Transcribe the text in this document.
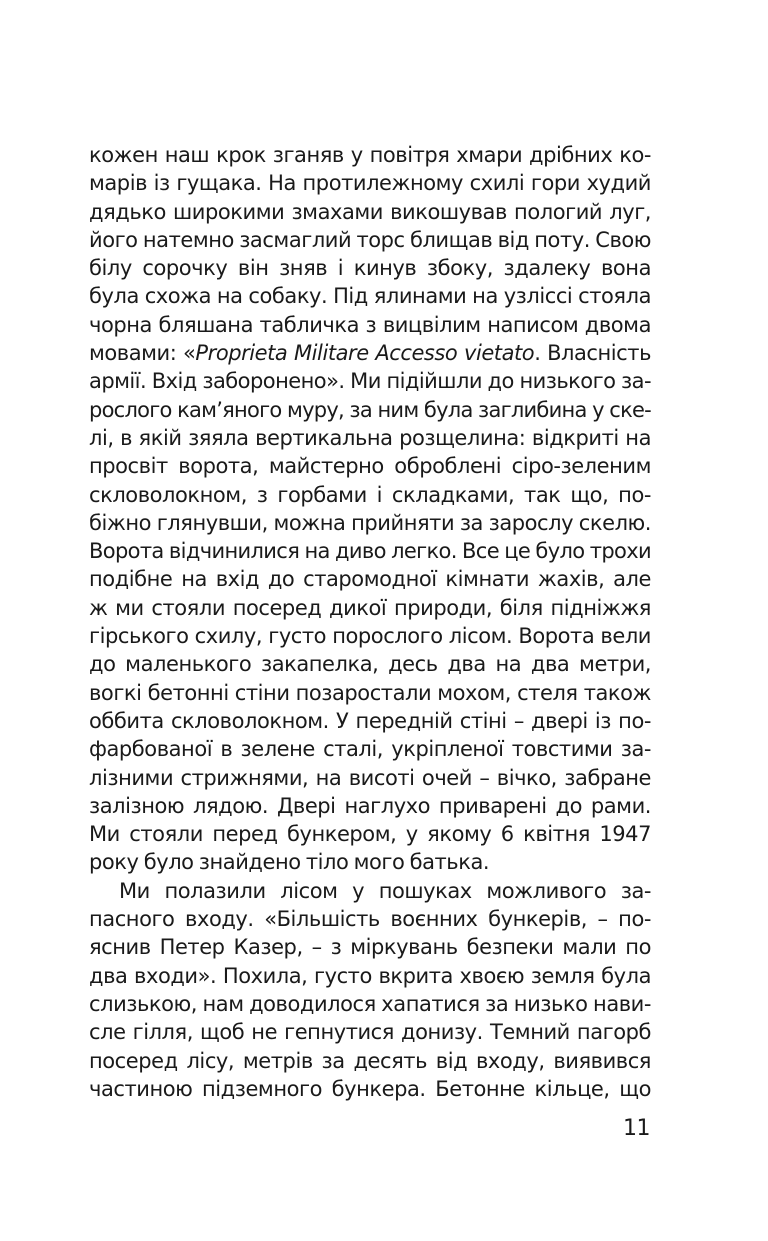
кожен наш крок зганяв у повітря хмари дрібних ко-
марів із гущака. На протилежному схилі гори худий
дядько широкими змахами викошував пологий луг,
його натемно засмаглий торс блищав від поту. Свою
білу сорочку він зняв і кинув збоку, здалеку вона
була схожа на собаку. Під ялинами на узліссі стояла
чорна бляшана табличка з вицвілим написом двома
мовами: «Proprieta Militare Accesso vietato. Власність
армії. Вхід заборонено». Ми підійшли до низького за-
рослого кам’яного муру, за ним була заглибина у ске-
лі, в якій зяяла вертикальна розщелина: відкриті на
просвіт ворота, майстерно оброблені сіро-зеленим
скловолокном, з горбами і складками, так що, по-
біжно глянувши, можна прийняти за зарослу скелю.
Ворота відчинилися на диво легко. Все це було трохи
подібне на вхід до старомодної кімнати жахів, але
ж ми стояли посеред дикої природи, біля підніжжя
гірського схилу, густо порослого лісом. Ворота вели
до маленького закапелка, десь два на два метри,
вогкі бетонні стіни позаростали мохом, стеля також
оббита скловолокном. У передній стіні – двері із по-
фарбованої в зелене сталі, укріпленої товстими за-
лізними стрижнями, на висоті очей – вічко, забране
залізною лядою. Двері наглухо приварені до рами.
Ми стояли перед бункером, у якому 6 квітня 1947
року було знайдено тіло мого батька.
Ми полазили лісом у пошуках можливого за-
пасного входу. «Більшість воєнних бункерів, – по-
яснив Петер Казер, – з міркувань безпеки мали по
два входи». Похила, густо вкрита хвоєю земля була
слизькою, нам доводилося хапатися за низько нави-
сле гілля, щоб не гепнутися донизу. Темний пагорб
посеред лісу, метрів за десять від входу, виявився
частиною підземного бункера. Бетонне кільце, що
11
